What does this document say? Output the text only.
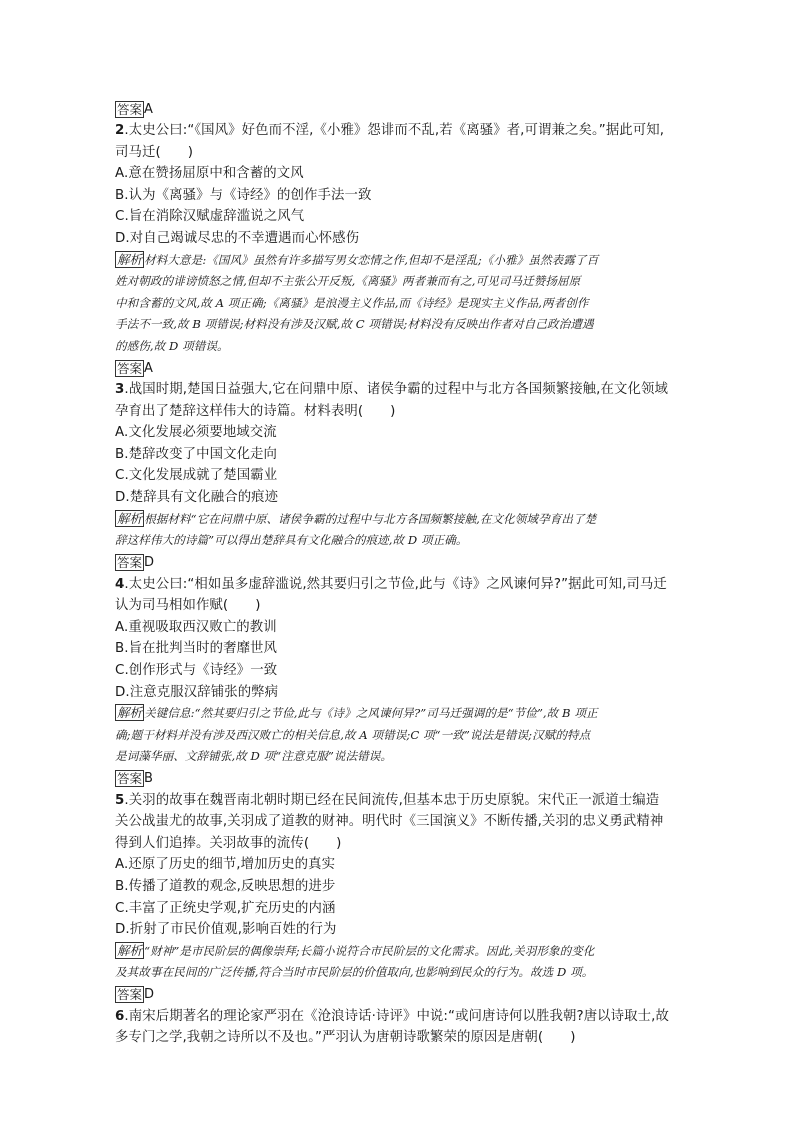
答案 A
2.太史公曰:“《国风》好色而不淫,《小雅》怨诽而不乱,若《离骚》者,可谓兼之矣。”据此可知,
司马迁(　　)
A.意在赞扬屈原中和含蓄的文风
B.认为《离骚》与《诗经》的创作手法一致
C.旨在消除汉赋虚辞滥说之风气
D.对自己竭诚尽忠的不幸遭遇而心怀感伤
解析 材料大意是:《国风》虽然有许多描写男女恋情之作,但却不是淫乱;《小雅》虽然表露了百
姓对朝政的诽谤愤怒之情,但却不主张公开反叛,《离骚》两者兼而有之,可见司马迁赞扬屈原
中和含蓄的文风,故 A 项正确;《离骚》是浪漫主义作品,而《诗经》是现实主义作品,两者创作
手法不一致,故 B 项错误;材料没有涉及汉赋,故 C 项错误;材料没有反映出作者对自己政治遭遇
的感伤,故 D 项错误。
答案 A
3.战国时期,楚国日益强大,它在问鼎中原、诸侯争霸的过程中与北方各国频繁接触,在文化领域
孕育出了楚辞这样伟大的诗篇。材料表明(　　)
A.文化发展必须要地域交流
B.楚辞改变了中国文化走向
C.文化发展成就了楚国霸业
D.楚辞具有文化融合的痕迹
解析 根据材料“它在问鼎中原、诸侯争霸的过程中与北方各国频繁接触,在文化领域孕育出了楚
辞这样伟大的诗篇”可以得出楚辞具有文化融合的痕迹,故 D 项正确。
答案 D
4.太史公曰:“相如虽多虚辞滥说,然其要归引之节俭,此与《诗》之风谏何异?”据此可知,司马迁
认为司马相如作赋(　　)
A.重视吸取西汉败亡的教训
B.旨在批判当时的奢靡世风
C.创作形式与《诗经》一致
D.注意克服汉辞铺张的弊病
解析 关键信息:“然其要归引之节俭,此与《诗》之风谏何异?”司马迁强调的是“节俭”,故 B 项正
确;题干材料并没有涉及西汉败亡的相关信息,故 A 项错误;C 项“一致”说法是错误;汉赋的特点
是词藻华丽、文辞铺张,故 D 项“注意克服”说法错误。
答案 B
5.关羽的故事在魏晋南北朝时期已经在民间流传,但基本忠于历史原貌。宋代正一派道士编造
关公战蚩尤的故事,关羽成了道教的财神。明代时《三国演义》不断传播,关羽的忠义勇武精神
得到人们追捧。关羽故事的流传(　　)
A.还原了历史的细节,增加历史的真实
B.传播了道教的观念,反映思想的进步
C.丰富了正统史学观,扩充历史的内涵
D.折射了市民价值观,影响百姓的行为
解析 “财神”是市民阶层的偶像崇拜;长篇小说符合市民阶层的文化需求。因此,关羽形象的变化
及其故事在民间的广泛传播,符合当时市民阶层的价值取向,也影响到民众的行为。故选 D 项。
答案 D
6.南宋后期著名的理论家严羽在《沧浪诗话·诗评》中说:“或问唐诗何以胜我朝?唐以诗取士,故
多专门之学,我朝之诗所以不及也。”严羽认为唐朝诗歌繁荣的原因是唐朝(　　)
